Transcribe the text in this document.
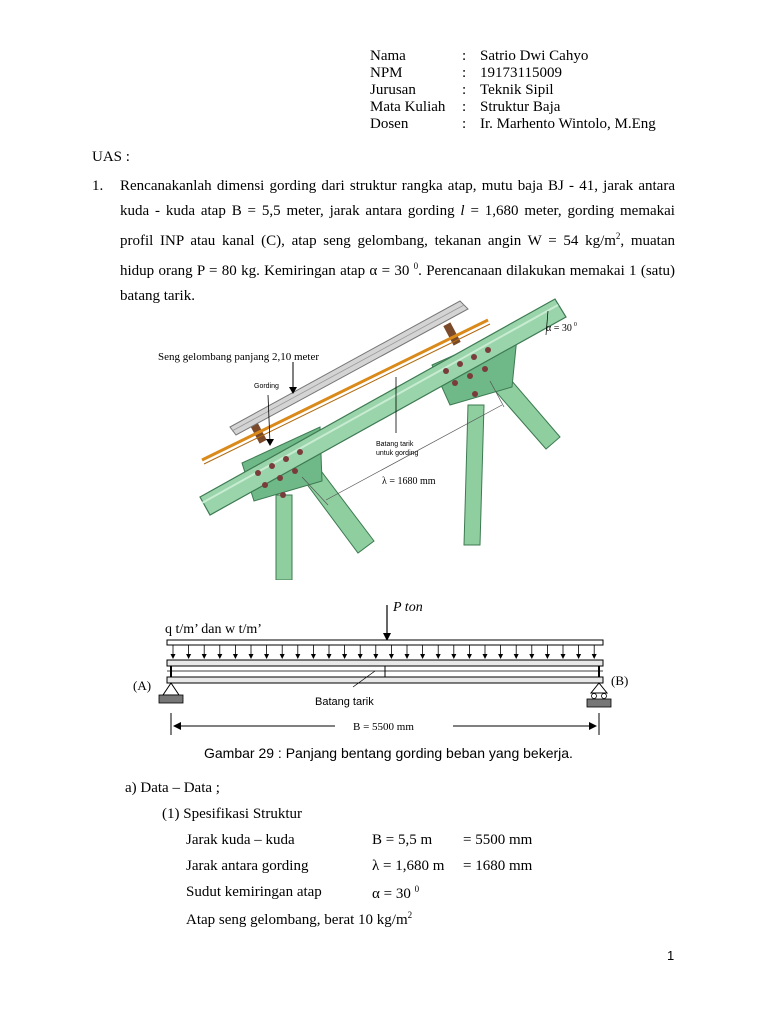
Nama	: Satrio Dwi Cahyo
NPM	: 19173115009
Jurusan	: Teknik Sipil
Mata Kuliah : Struktur Baja
Dosen	: Ir. Marhento Wintolo, M.Eng
UAS :
1. Rencanakanlah dimensi gording dari struktur rangka atap, mutu baja BJ - 41, jarak antara
kuda - kuda atap B = 5,5 meter, jarak antara gording l = 1,680 meter, gording memakai
profil INP atau kanal (C), atap seng gelombang, tekanan angin W = 54 $kg/m^2$, muatan
hidup orang P = 80 kg. Kemiringan atap α = 30 $^0$. Perencanaan dilakukan memakai 1 (satu)
batang tarik.
Seng gelombang panjang 2,10 meter
Gording
Batang tarik
untuk gording
λ = 1680 mm
α = 30 $^0$
P ton
q t/m’ dan w t/m’
(A)	(B)
Batang tarik
B = 5500 mm
Gambar 29 : Panjang bentang gording beban yang bekerja.
a) Data – Data ;
(1) Spesifikasi Struktur
Jarak kuda – kuda	B = 5,5 m = 5500 mm
Jarak antara gording	λ = 1,680 m = 1680 mm
Sudut kemiringan atap	α = 30 $^0$
Atap seng gelombang, berat 10 $kg/m^2$
1
